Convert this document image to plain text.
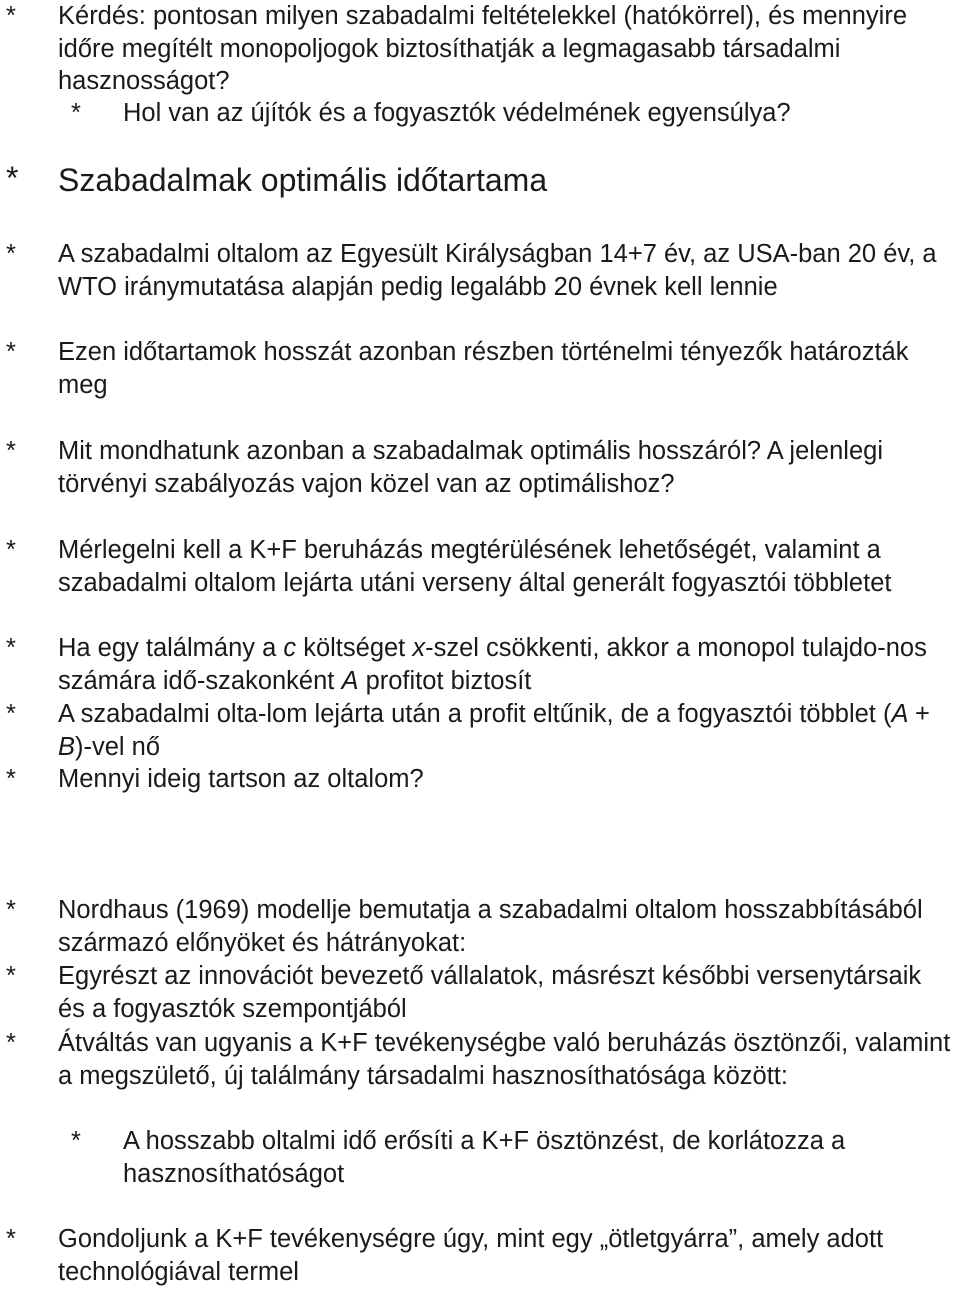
* Kérdés: pontosan milyen szabadalmi feltételekkel (hatókörrel), és mennyire időre megítélt monopoljogok biztosíthatják a legmagasabb társadalmi hasznosságot?
* Hol van az újítók és a fogyasztók védelmének egyensúlya?
* Szabadalmak optimális időtartama
* A szabadalmi oltalom az Egyesült Királyságban 14+7 év, az USA-ban 20 év, a WTO iránymutatása alapján pedig legalább 20 évnek kell lennie
* Ezen időtartamok hosszát azonban részben történelmi tényezők határozták meg
* Mit mondhatunk azonban a szabadalmak optimális hosszáról? A jelenlegi törvényi szabályozás vajon közel van az optimálishoz?
* Mérlegelni kell a K+F beruházás megtérülésének lehetőségét, valamint a szabadalmi oltalom lejárta utáni verseny által generált fogyasztói többletet
* Ha egy találmány a c költséget x-szel csökkenti, akkor a monopol tulajdo-nos számára idő-szakonként A profitot biztosít
* A szabadalmi olta-lom lejárta után a profit eltűnik, de a fogyasztói többlet (A + B)-vel nő
* Mennyi ideig tartson az oltalom?
* Nordhaus (1969) modellje bemutatja a szabadalmi oltalom hosszabbításából származó előnyöket és hátrányokat:
* Egyrészt az innovációt bevezető vállalatok, másrészt későbbi versenytársaik és a fogyasztók szempontjából
* Átváltás van ugyanis a K+F tevékenységbe való beruházás ösztönzői, valamint a megszülető, új találmány társadalmi hasznosíthatósága között:
* A hosszabb oltalmi idő erősíti a K+F ösztönzést, de korlátozza a hasznosíthatóságot
* Gondoljunk a K+F tevékenységre úgy, mint egy „ötletgyárra”, amely adott technológiával termel
